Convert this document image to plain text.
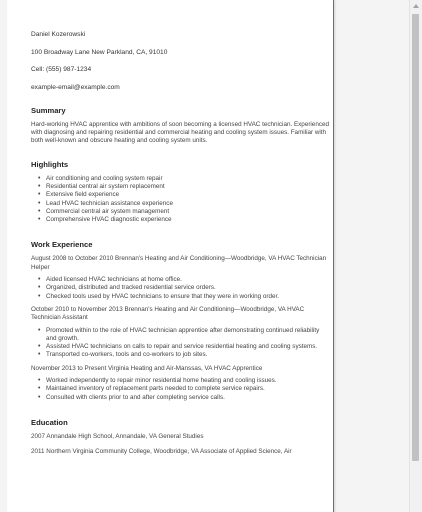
Daniel Kozerowski
100 Broadway Lane New Parkland, CA, 91010
Cell: (555) 987-1234
example-email@example.com
Summary

Hard-working HVAC apprentice with ambitions of soon becoming a licensed HVAC technician. Experienced with diagnosing and repairing residential and commercial heating and cooling system issues. Familiar with both well-known and obscure heating and cooling system units.

Highlights
• Air conditioning and cooling system repair
• Residential central air system replacement
• Extensive field experience
• Lead HVAC technician assistance experience
• Commercial central air system management
• Comprehensive HVAC diagnostic experience
Work Experience

August 2008 to October 2010 Brennan's Heating and Air Conditioning—Woodbridge, VA HVAC Technician Helper

• Aided licensed HVAC technicians at home office.
• Organized, distributed and tracked residential service orders.
• Checked tools used by HVAC technicians to ensure that they were in working order.

October 2010 to November 2013 Brennan's Heating and Air Conditioning—Woodbridge, VA HVAC Technician Assistant

• Promoted within to the role of HVAC technician apprentice after demonstrating continued reliability and growth.
• Assisted HVAC technicians on calls to repair and service residential heating and cooling systems.
• Transported co-workers, tools and co-workers to job sites.

November 2013 to Present Virginia Heating and Air-Manssas, VA HVAC Apprentice

• Worked independently to repair minor residential home heating and cooling issues.
• Maintained inventory of replacement parts needed to complete service repairs.
• Consulted with clients prior to and after completing service calls.
Education

2007 Annandale High School, Annandale, VA General Studies

2011 Northern Virginia Community College, Woodbridge, VA Associate of Applied Science, Air
